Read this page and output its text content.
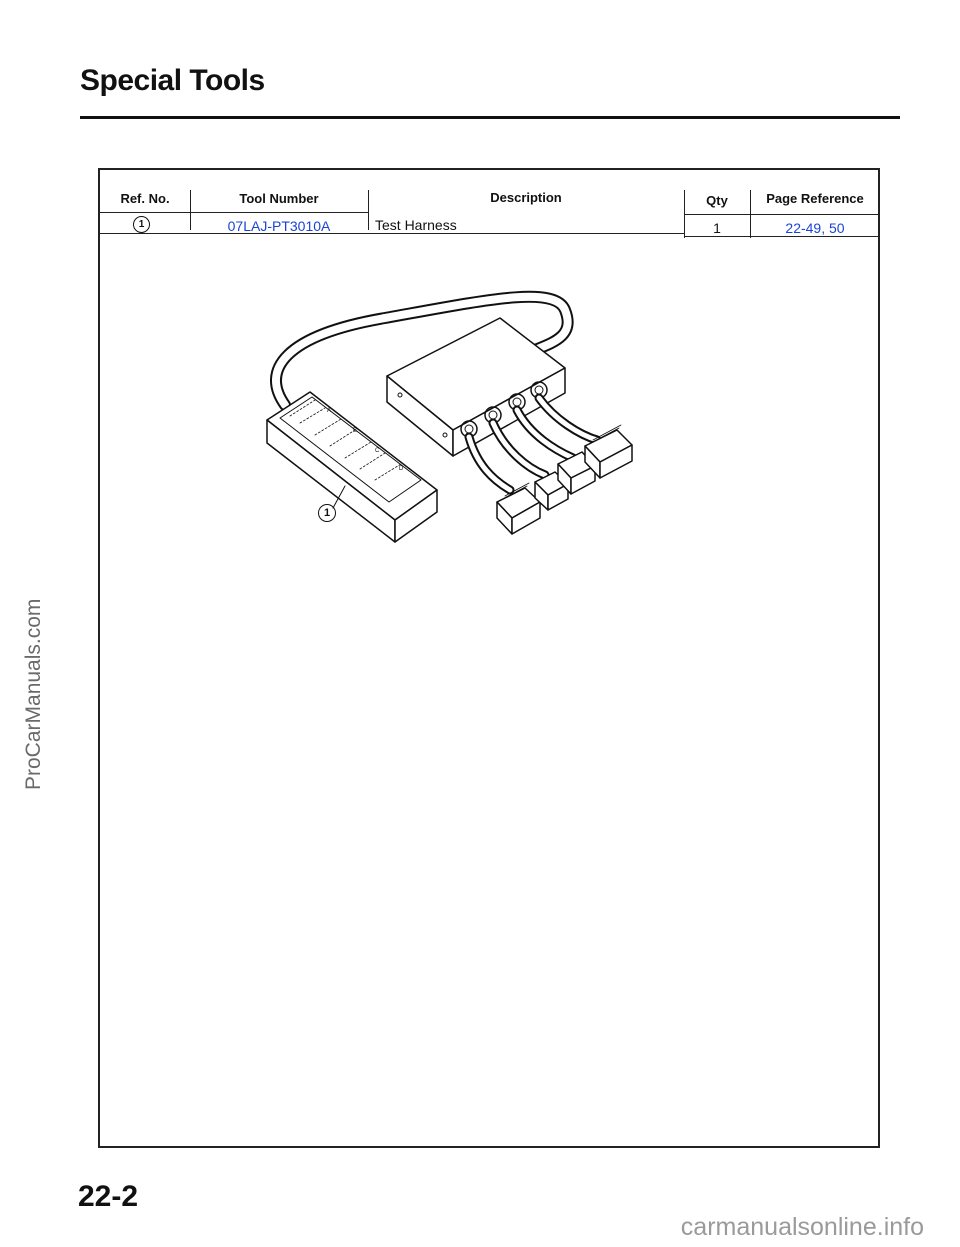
Special Tools
Ref. No.	Tool Number	Description	Qty	Page Reference
1	07LAJ-PT3010A	Test Harness	1	22-49, 50
A
B
C
D
1
ProCarManuals.com
22-2
carmanualsonline.info
